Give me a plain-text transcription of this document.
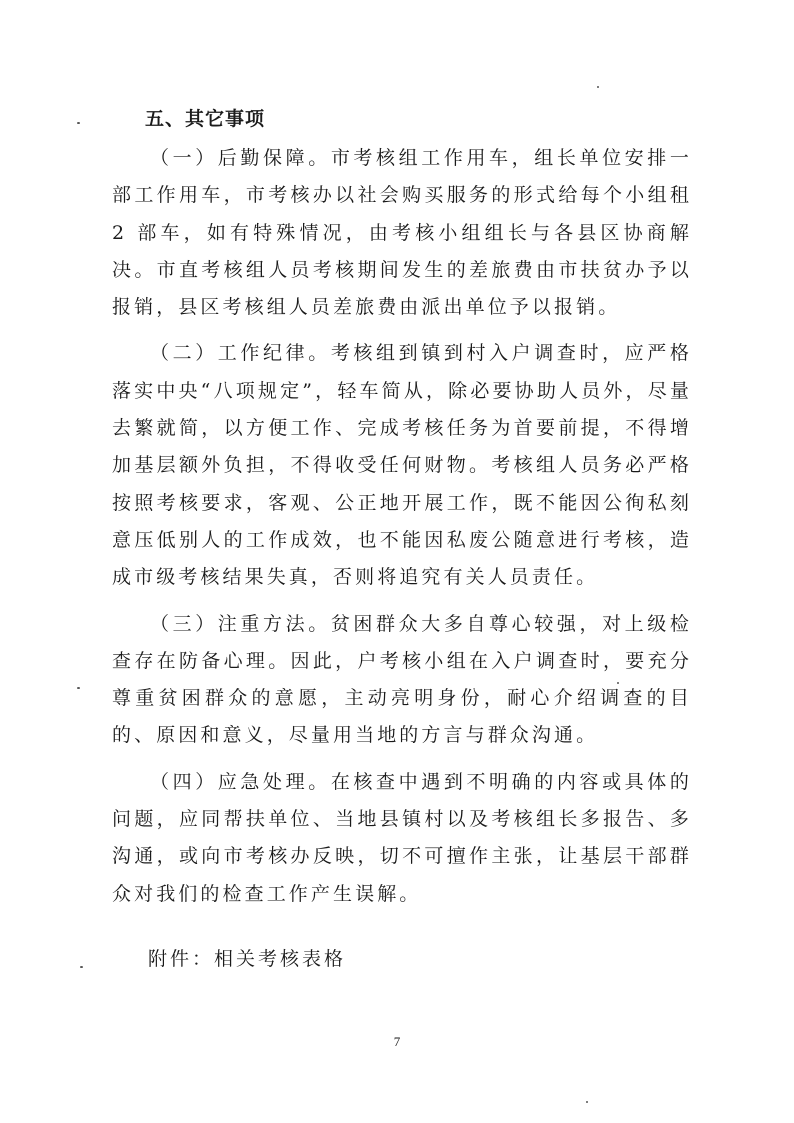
五、其它事项

（一）后勤保障。市考核组工作用车，组长单位安排一部工作用车，市考核办以社会购买服务的形式给每个小组租 2 部车，如有特殊情况，由考核小组组长与各县区协商解决。市直考核组人员考核期间发生的差旅费由市扶贫办予以报销，县区考核组人员差旅费由派出单位予以报销。

（二）工作纪律。考核组到镇到村入户调查时，应严格落实中央“八项规定”，轻车简从，除必要协助人员外，尽量去繁就简，以方便工作、完成考核任务为首要前提，不得增加基层额外负担，不得收受任何财物。考核组人员务必严格按照考核要求，客观、公正地开展工作，既不能因公徇私刻意压低别人的工作成效，也不能因私废公随意进行考核，造成市级考核结果失真，否则将追究有关人员责任。

（三）注重方法。贫困群众大多自尊心较强，对上级检查存在防备心理。因此，户考核小组在入户调查时，要充分尊重贫困群众的意愿，主动亮明身份，耐心介绍调查的目的、原因和意义，尽量用当地的方言与群众沟通。

（四）应急处理。在核查中遇到不明确的内容或具体的问题，应同帮扶单位、当地县镇村以及考核组长多报告、多沟通，或向市考核办反映，切不可擅作主张，让基层干部群众对我们的检查工作产生误解。

附件：相关考核表格

7
